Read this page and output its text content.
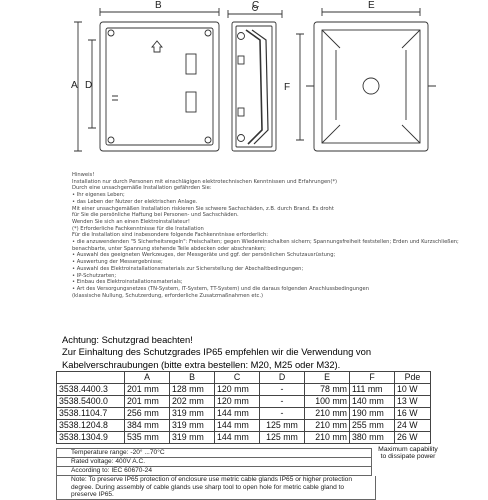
B	C	E
A D	F
Hinweis!
Installation nur durch Personen mit einschlägigen elektrotechnischen Kenntnissen und Erfahrungen(*)
Durch eine unsachgemäße Installation gefährden Sie:
• Ihr eigenes Leben;
• das Leben der Nutzer der elektrischen Anlage.
Mit einer unsachgemäßen Installation riskieren Sie schwere Sachschäden, z.B. durch Brand. Es droht
für Sie die persönliche Haftung bei Personen- und Sachschäden.
Wenden Sie sich an einen Elektroinstallateur!
(*) Erforderliche Fachkenntnisse für die Installation
Für die Installation sind insbesondere folgende Fachkenntnisse erforderlich:
• die anzuwendenden "5 Sicherheitsregeln": Freischalten; gegen Wiedereinschalten sichern; Spannungsfreiheit feststellen; Erden und Kurzschließen;
benachbarte, unter Spannung stehende Teile abdecken oder abschranken;
• Auswahl des geeigneten Werkzeuges, der Messgeräte und ggf. der persönlichen Schutzausrüstung;
• Auswertung der Messergebnisse;
• Auswahl des Elektroinstallationsmaterials zur Sicherstellung der Abschaltbedingungen;
• IP-Schutzarten;
• Einbau des Elektroinstallationsmaterials;
• Art des Versorgungsnetzes (TN-System, IT-System, TT-System) und die daraus folgenden Anschlussbedingungen
(klassische Nullung, Schutzerdung, erforderliche Zusatzmaßnahmen etc.)
Achtung: Schutzgrad beachten!
Zur Einhaltung des Schutzgrades IP65 empfehlen wir die Verwendung von
Kabelverschraubungen (bitte extra bestellen: M20, M25 oder M32).
	A	B	C	D	E	F	Pde
3538.4400.3	201 mm	128 mm	120 mm	-	78 mm	111 mm	10 W
3538.5400.0	201 mm	202 mm	120 mm	-	100 mm	140 mm	13 W
3538.1104.7	256 mm	319 mm	144 mm	-	210 mm	190 mm	16 W
3538.1204.8	384 mm	319 mm	144 mm	125 mm	210 mm	255 mm	24 W
3538.1304.9	535 mm	319 mm	144 mm	125 mm	210 mm	380 mm	26 W
Temperature range: -20° ...70°C
Rated voltage: 400V A.C.
According to: IEC 60670-24
Note: To preserve IP65 protection of enclosure use metric cable glands IP65 or higher protection degree. During assembly of cable glands use sharp tool to open hole for metric cable gland to preserve IP65.
Maximum capability to dissipate power
